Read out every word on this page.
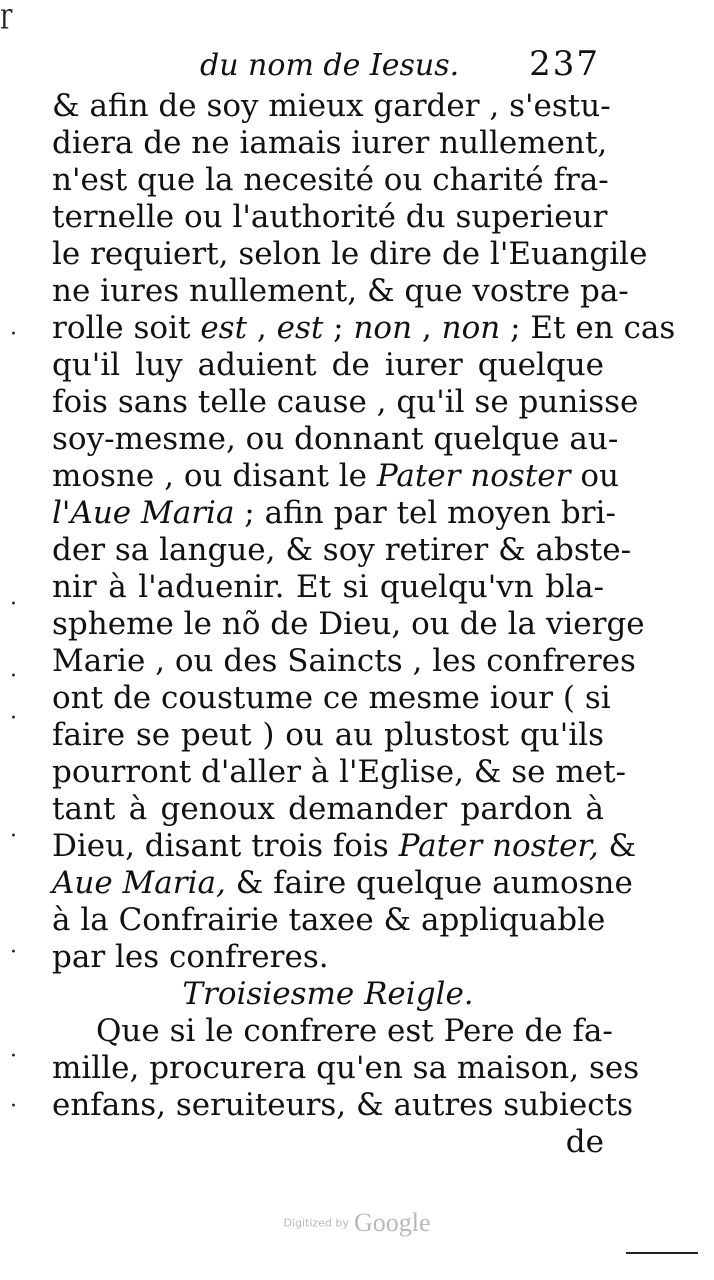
ɼ
du nom de Iesus. 237
·
·
·
·
·
·
·
·
& afin de soy mieux garder , s'estu-
diera de ne iamais iurer nullement,
n'est que la necesité ou charité fra-
ternelle ou l'authorité du superieur
le requiert, selon le dire de l'Euangile
ne iures nullement, & que vostre pa-
rolle soit est , est ; non , non ; Et en cas
qu'il luy aduient de iurer quelque
fois sans telle cause , qu'il se punisse
soy-mesme, ou donnant quelque au-
mosne , ou disant le Pater noster ou
l'Aue Maria ; afin par tel moyen bri-
der sa langue, & soy retirer & abste-
nir à l'aduenir. Et si quelqu'vn bla-
spheme le nõ de Dieu, ou de la vierge
Marie , ou des Saincts , les confreres
ont de coustume ce mesme iour ( si
faire se peut ) ou au plustost qu'ils
pourront d'aller à l'Eglise, & se met-
tant à genoux demander pardon à
Dieu, disant trois fois Pater noster, &
Aue Maria, & faire quelque aumosne
à la Confrairie taxee & appliquable
par les confreres.
Troisiesme Reigle.
Que si le confrere est Pere de fa-
mille, procurera qu'en sa maison, ses
enfans, seruiteurs, & autres subiects
de
Digitized by Google
